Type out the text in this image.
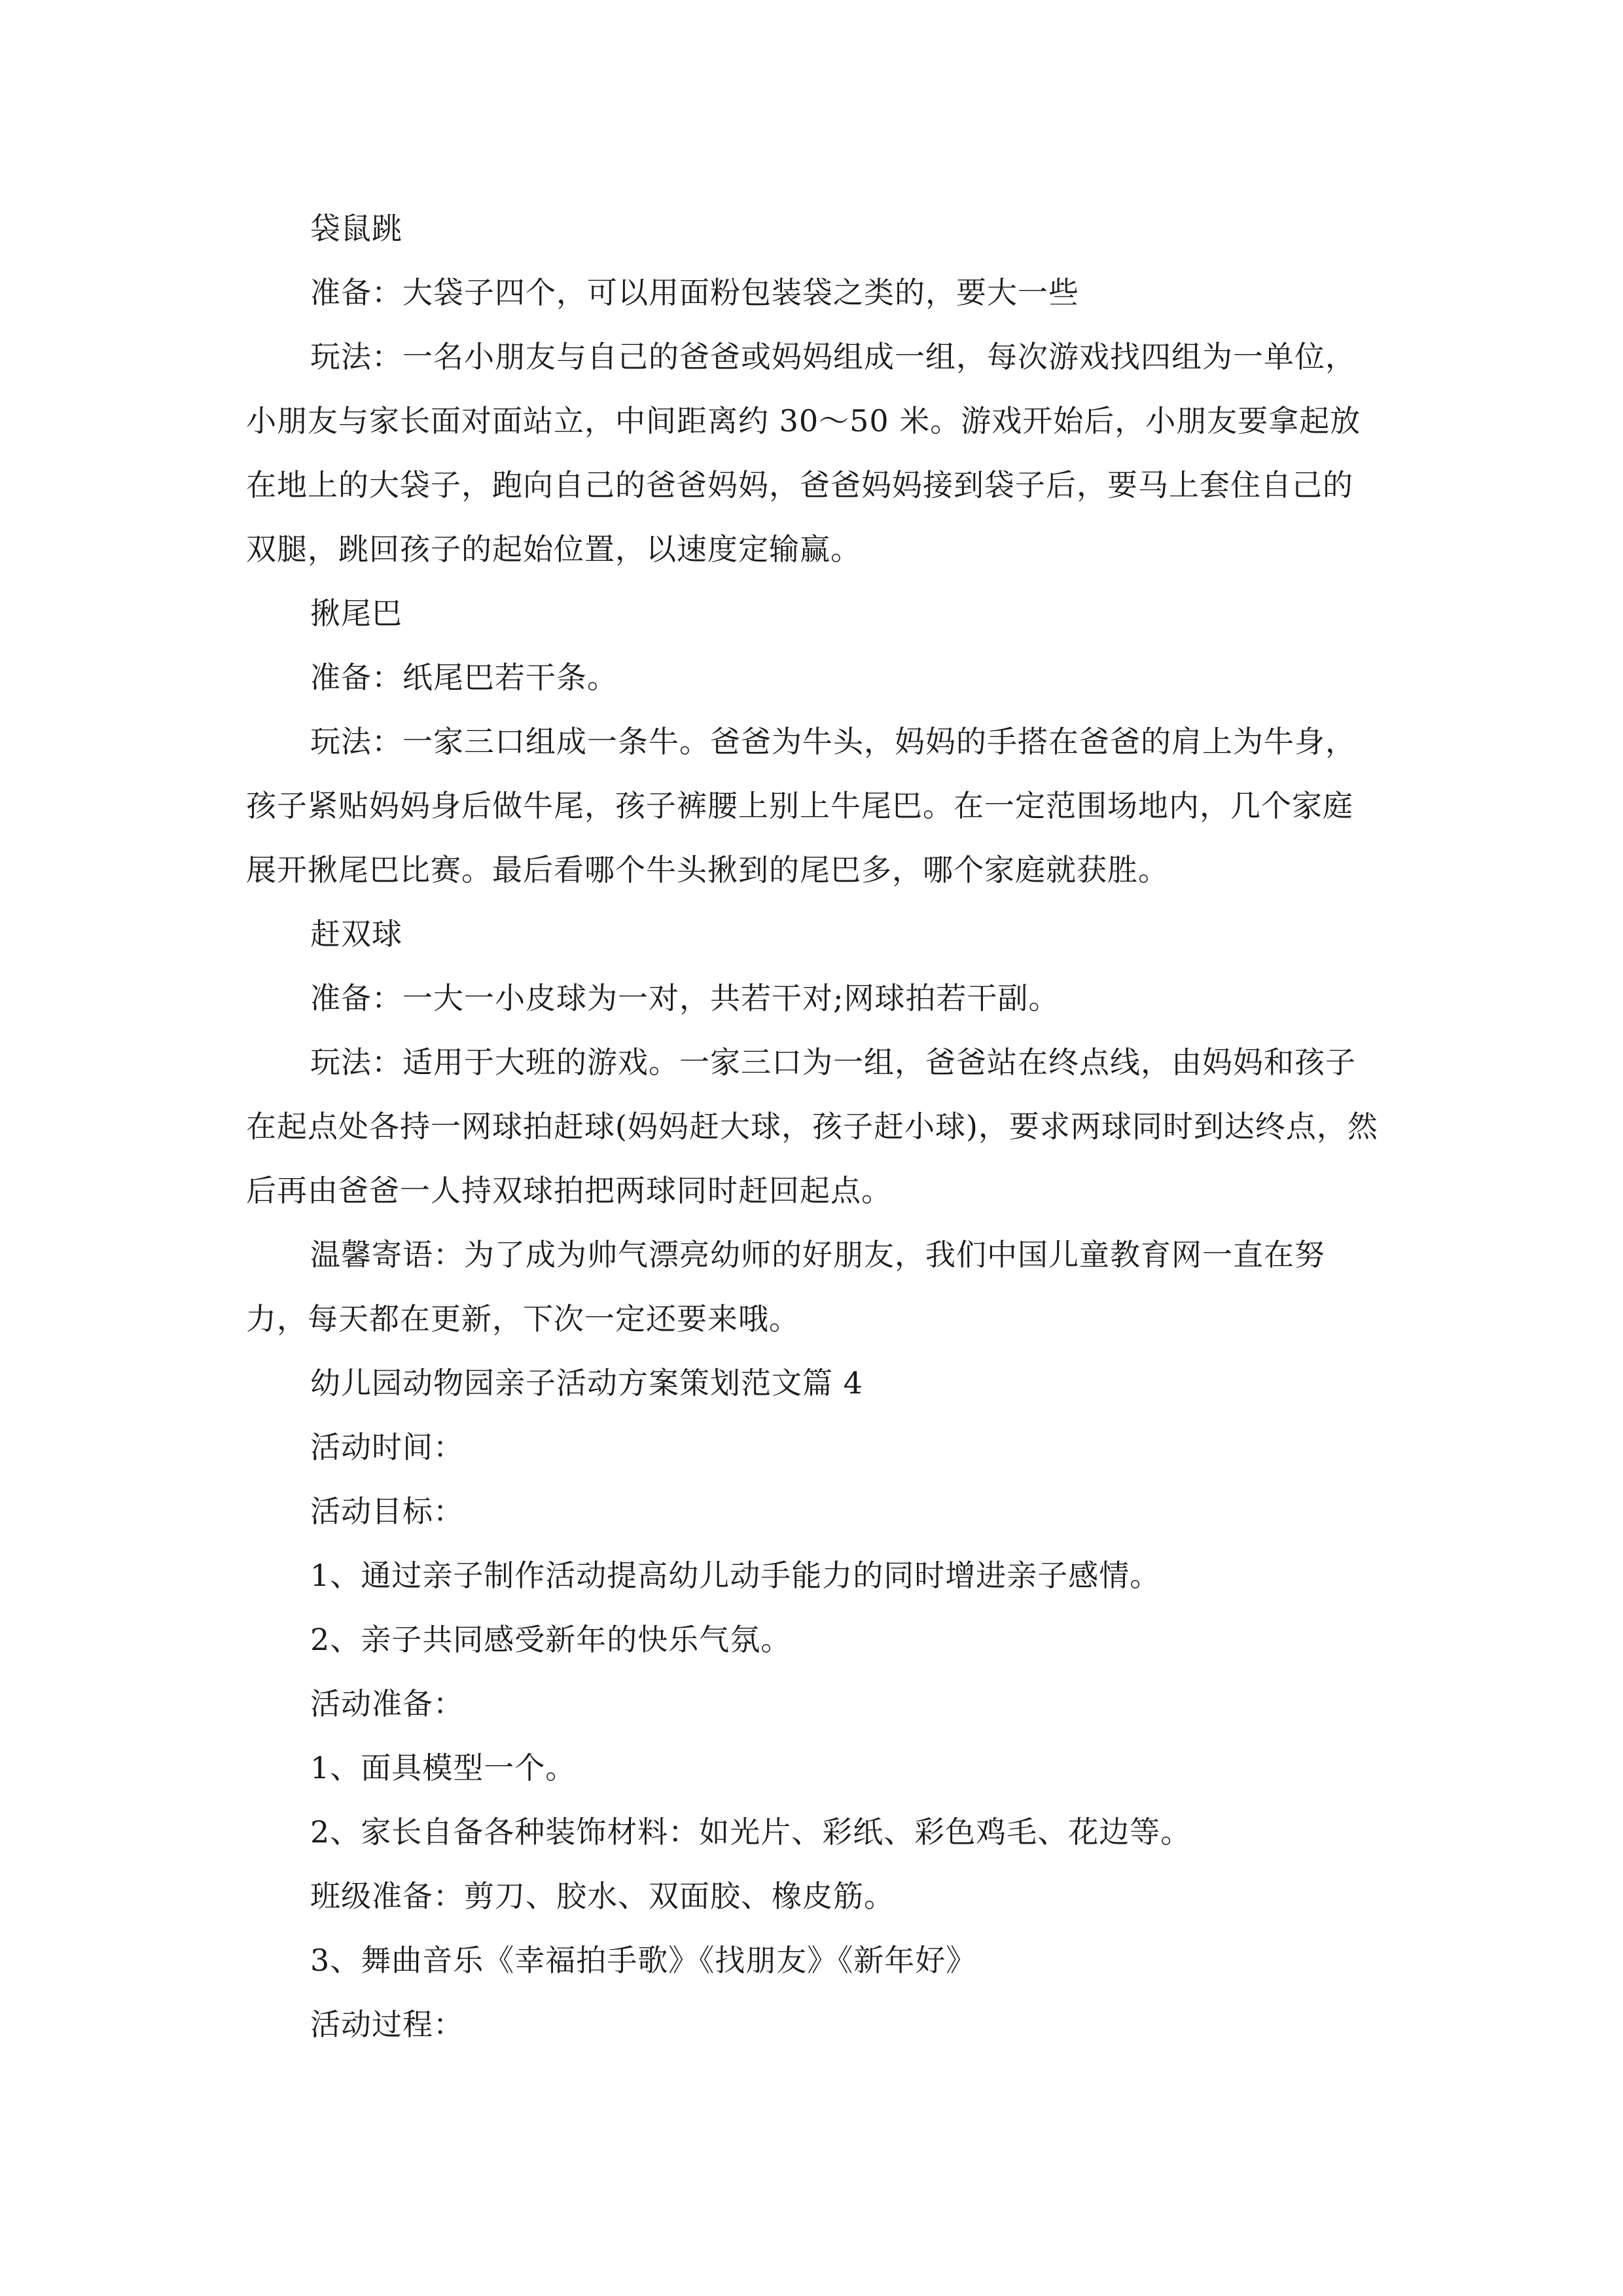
袋鼠跳

准备：大袋子四个，可以用面粉包装袋之类的，要大一些

玩法：一名小朋友与自己的爸爸或妈妈组成一组，每次游戏找四组为一单位，小朋友与家长面对面站立，中间距离约 30～50 米。游戏开始后，小朋友要拿起放在地上的大袋子，跑向自己的爸爸妈妈，爸爸妈妈接到袋子后，要马上套住自己的双腿，跳回孩子的起始位置，以速度定输赢。

揪尾巴

准备：纸尾巴若干条。

玩法：一家三口组成一条牛。爸爸为牛头，妈妈的手搭在爸爸的肩上为牛身，孩子紧贴妈妈身后做牛尾，孩子裤腰上别上牛尾巴。在一定范围场地内，几个家庭展开揪尾巴比赛。最后看哪个牛头揪到的尾巴多，哪个家庭就获胜。

赶双球

准备：一大一小皮球为一对，共若干对;网球拍若干副。

玩法：适用于大班的游戏。一家三口为一组，爸爸站在终点线，由妈妈和孩子在起点处各持一网球拍赶球(妈妈赶大球，孩子赶小球)，要求两球同时到达终点，然后再由爸爸一人持双球拍把两球同时赶回起点。

温馨寄语：为了成为帅气漂亮幼师的好朋友，我们中国儿童教育网一直在努力，每天都在更新，下次一定还要来哦。

幼儿园动物园亲子活动方案策划范文篇 4

活动时间：

活动目标：

1、通过亲子制作活动提高幼儿动手能力的同时增进亲子感情。

2、亲子共同感受新年的快乐气氛。

活动准备：

1、面具模型一个。

2、家长自备各种装饰材料：如光片、彩纸、彩色鸡毛、花边等。

班级准备：剪刀、胶水、双面胶、橡皮筋。

3、舞曲音乐《幸福拍手歌》《找朋友》《新年好》

活动过程：
